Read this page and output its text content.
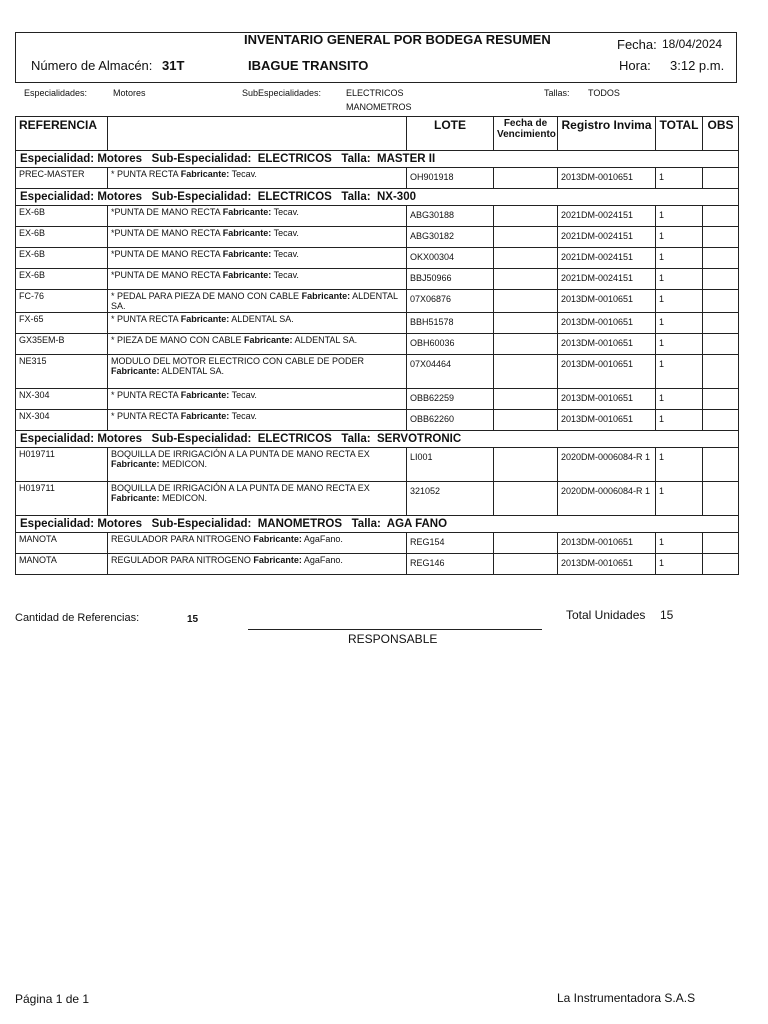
INVENTARIO GENERAL POR BODEGA RESUMEN	Fecha: 18/04/2024
Número de Almacén: 31T	IBAGUE TRANSITO	Hora: 3:12 p.m.
Especialidades:	Motores	SubEspecialidades:	ELECTRICOS
MANOMETROS
Tallas: TODOS
REFERENCIA		LOTE	Fecha de Vencimiento	Registro Invima	TOTAL	OBS
Especialidad: Motores   Sub-Especialidad:  ELECTRICOS   Talla:  MASTER II						
PREC-MASTER	* PUNTA RECTA Fabricante: Tecav.	OH901918		2013DM-0010651	1	
Especialidad: Motores   Sub-Especialidad:  ELECTRICOS   Talla:  NX-300						
EX-6B	*PUNTA DE MANO RECTA Fabricante: Tecav.	ABG30188		2021DM-0024151	1	
EX-6B	*PUNTA DE MANO RECTA Fabricante: Tecav.	ABG30182		2021DM-0024151	1	
EX-6B	*PUNTA DE MANO RECTA Fabricante: Tecav.	OKX00304		2021DM-0024151	1	
EX-6B	*PUNTA DE MANO RECTA Fabricante: Tecav.	BBJ50966		2021DM-0024151	1	
FC-76	* PEDAL PARA PIEZA DE MANO CON CABLE Fabricante: ALDENTAL SA.	07X06876		2013DM-0010651	1	
FX-65	* PUNTA RECTA Fabricante: ALDENTAL SA.	BBH51578		2013DM-0010651	1	
GX35EM-B	* PIEZA DE MANO CON CABLE Fabricante: ALDENTAL SA.	OBH60036		2013DM-0010651	1	
NE315	MODULO DEL MOTOR ELECTRICO CON CABLE DE PODER Fabricante: ALDENTAL SA.	07X04464		2013DM-0010651	1	
NX-304	* PUNTA RECTA Fabricante: Tecav.	OBB62259		2013DM-0010651	1	
NX-304	* PUNTA RECTA Fabricante: Tecav.	OBB62260		2013DM-0010651	1	
Especialidad: Motores   Sub-Especialidad:  ELECTRICOS   Talla:  SERVOTRONIC						
H019711	BOQUILLA DE IRRIGACIÓN A LA PUNTA DE MANO RECTA EX Fabricante: MEDICON.	LI001		2020DM-0006084-R 1	1	
H019711	BOQUILLA DE IRRIGACIÓN A LA PUNTA DE MANO RECTA EX Fabricante: MEDICON.	321052		2020DM-0006084-R 1	1	
Especialidad: Motores   Sub-Especialidad:  MANOMETROS   Talla:  AGA FANO						
MANOTA	REGULADOR PARA NITROGENO Fabricante: AgaFano.	REG154		2013DM-0010651	1	
MANOTA	REGULADOR PARA NITROGENO Fabricante: AgaFano.	REG146		2013DM-0010651	1	
Cantidad de Referencias:	15	Total Unidades 15
RESPONSABLE
Página 1 de 1	La Instrumentadora S.A.S
